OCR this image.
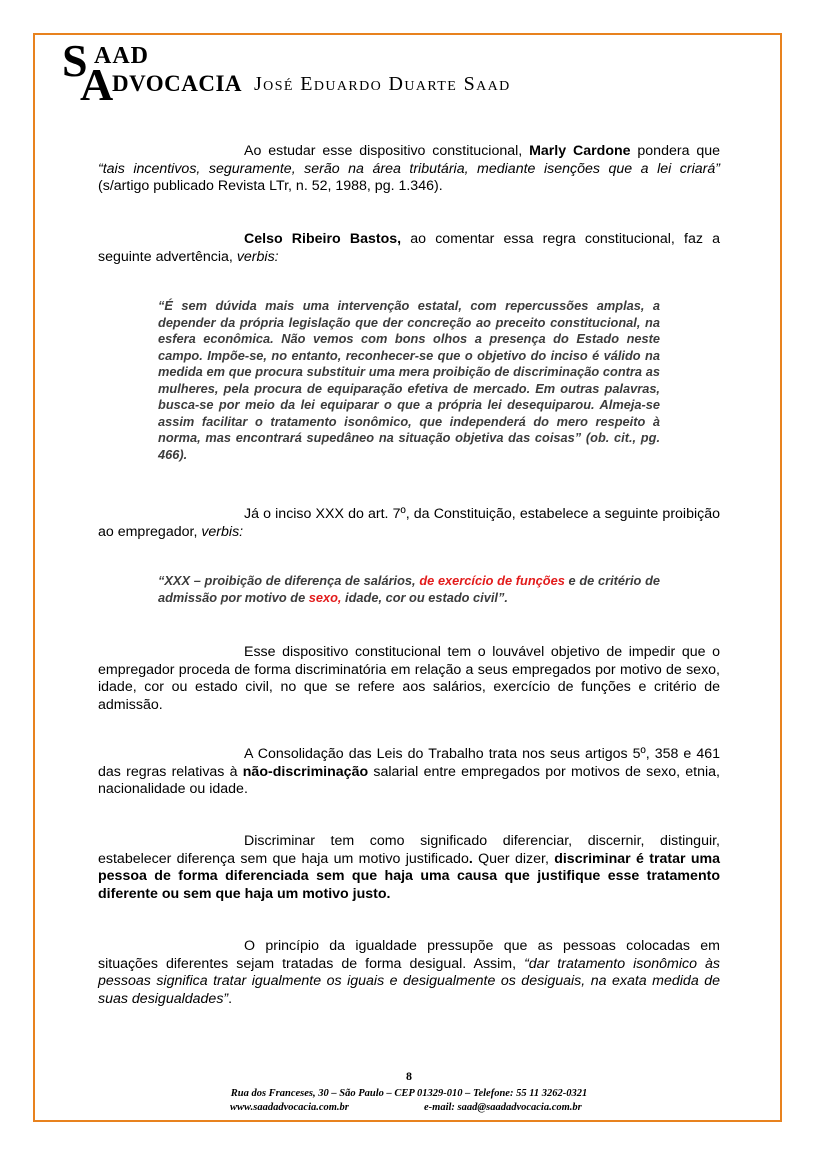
S AAD
A
DVOCACIA José Eduardo Duarte Saad
Ao estudar esse dispositivo constitucional, Marly Cardone pondera que “tais incentivos, seguramente, serão na área tributária, mediante isenções que a lei criará” (s/artigo publicado Revista LTr, n. 52, 1988, pg. 1.346).
Celso Ribeiro Bastos, ao comentar essa regra constitucional, faz a seguinte advertência, verbis:
“É sem dúvida mais uma intervenção estatal, com repercussões amplas, a depender da própria legislação que der concreção ao preceito constitucional, na esfera econômica. Não vemos com bons olhos a presença do Estado neste campo. Impõe-se, no entanto, reconhecer-se que o objetivo do inciso é válido na medida em que procura substituir uma mera proibição de discriminação contra as mulheres, pela procura de equiparação efetiva de mercado. Em outras palavras, busca-se por meio da lei equiparar o que a própria lei desequiparou. Almeja-se assim facilitar o tratamento isonômico, que independerá do mero respeito à norma, mas encontrará supedâneo na situação objetiva das coisas” (ob. cit., pg. 466).
Já o inciso XXX do art. 7º, da Constituição, estabelece a seguinte proibição ao empregador, verbis:
“XXX – proibição de diferença de salários, de exercício de funções e de critério de admissão por motivo de sexo, idade, cor ou estado civil”.
Esse dispositivo constitucional tem o louvável objetivo de impedir que o empregador proceda de forma discriminatória em relação a seus empregados por motivo de sexo, idade, cor ou estado civil, no que se refere aos salários, exercício de funções e critério de admissão.
A Consolidação das Leis do Trabalho trata nos seus artigos 5º, 358 e 461 das regras relativas à não-discriminação salarial entre empregados por motivos de sexo, etnia, nacionalidade ou idade.
Discriminar tem como significado diferenciar, discernir, distinguir, estabelecer diferença sem que haja um motivo justificado. Quer dizer, discriminar é tratar uma pessoa de forma diferenciada sem que haja uma causa que justifique esse tratamento diferente ou sem que haja um motivo justo.
O princípio da igualdade pressupõe que as pessoas colocadas em situações diferentes sejam tratadas de forma desigual. Assim, “dar tratamento isonômico às pessoas significa tratar igualmente os iguais e desigualmente os desiguais, na exata medida de suas desigualdades”.
8
Rua dos Franceses, 30 – São Paulo – CEP 01329-010 – Telefone: 55 11 3262-0321
www.saadadvocacia.com.br	e-mail: saad@saadadvocacia.com.br
